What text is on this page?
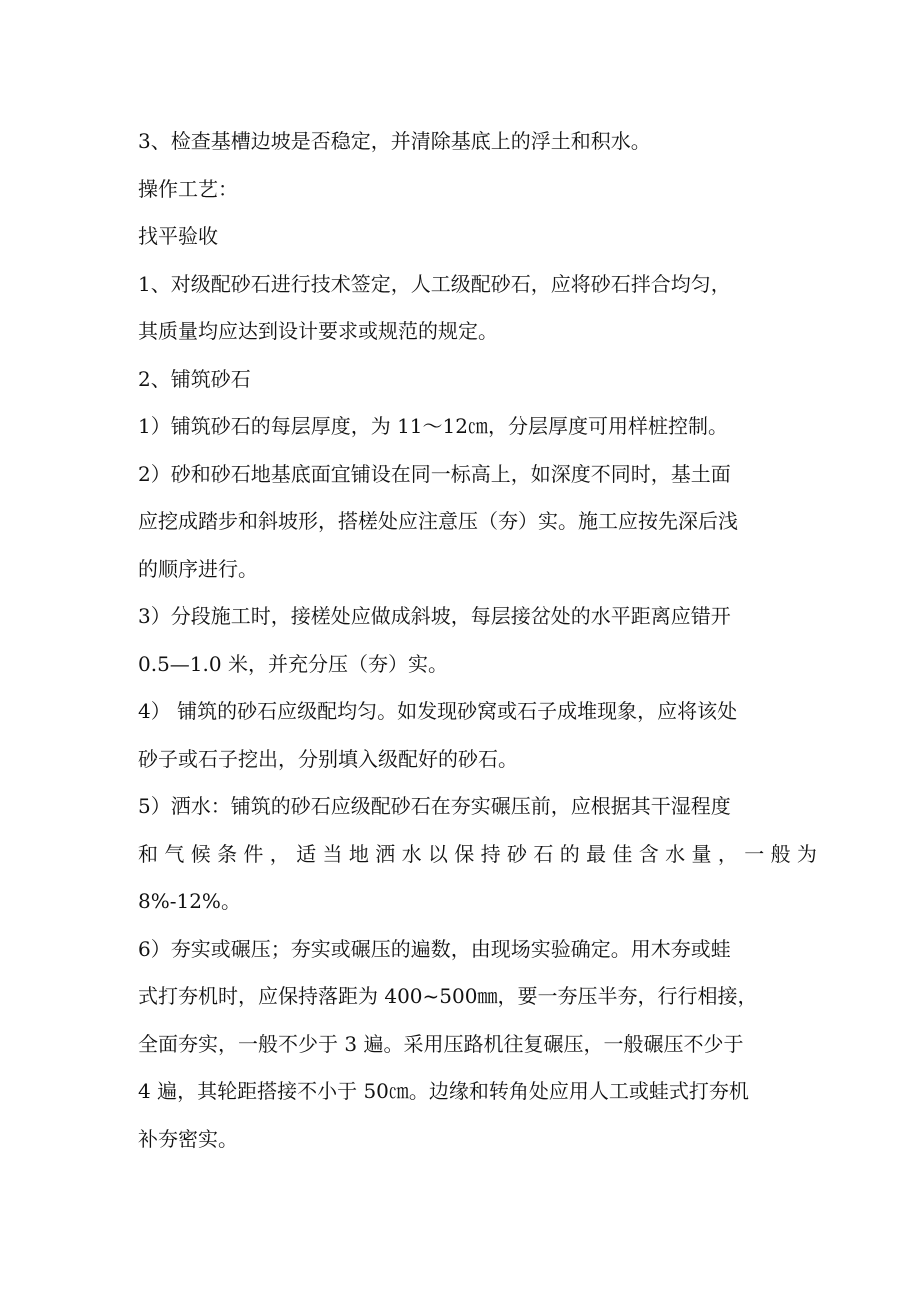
3、检查基槽边坡是否稳定，并清除基底上的浮土和积水。

操作工艺：

找平验收

1、对级配砂石进行技术签定，人工级配砂石，应将砂石拌合均匀，

其质量均应达到设计要求或规范的规定。

2、铺筑砂石

1）铺筑砂石的每层厚度，为 11～12㎝，分层厚度可用样桩控制。

2）砂和砂石地基底面宜铺设在同一标高上，如深度不同时，基土面

应挖成踏步和斜坡形，搭槎处应注意压（夯）实。施工应按先深后浅

的顺序进行。

3）分段施工时，接槎处应做成斜坡，每层接岔处的水平距离应错开

0.5—1.0 米，并充分压（夯）实。

4） 铺筑的砂石应级配均匀。如发现砂窝或石子成堆现象，应将该处

砂子或石子挖出，分别填入级配好的砂石。

5）洒水：铺筑的砂石应级配砂石在夯实碾压前，应根据其干湿程度

和 气 候 条 件 ， 适 当 地 洒 水 以 保 持 砂 石 的 最 佳 含 水 量 ， 一 般 为

8%-12%。

6）夯实或碾压；夯实或碾压的遍数，由现场实验确定。用木夯或蛙

式打夯机时，应保持落距为 400~500㎜，要一夯压半夯，行行相接，

全面夯实，一般不少于 3 遍。采用压路机往复碾压，一般碾压不少于

4 遍，其轮距搭接不小于 50㎝。边缘和转角处应用人工或蛙式打夯机

补夯密实。
